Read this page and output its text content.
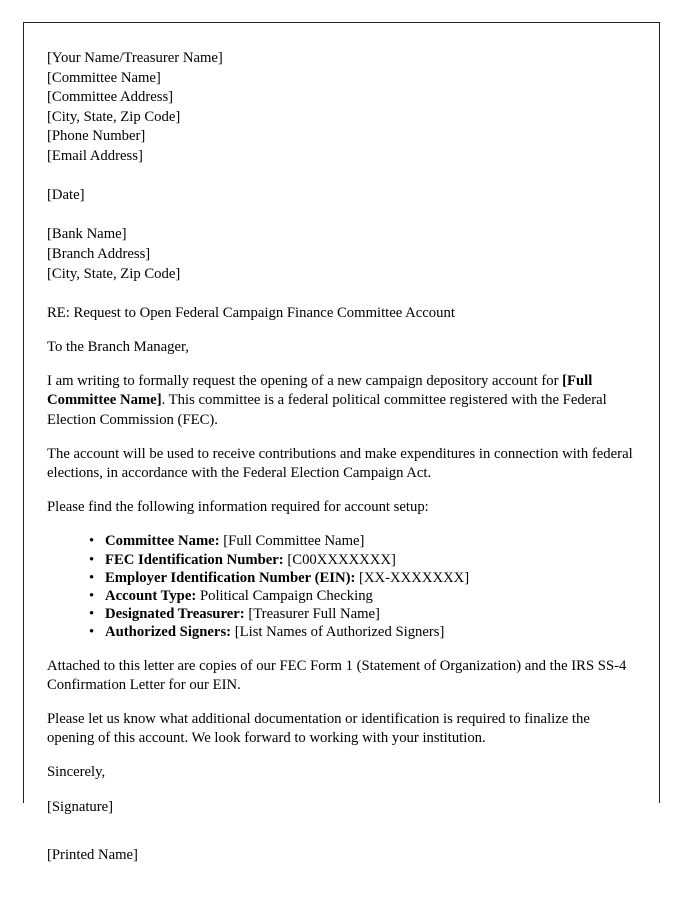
[Your Name/Treasurer Name]
[Committee Name]
[Committee Address]
[City, State, Zip Code]
[Phone Number]
[Email Address]
[Date]
[Bank Name]
[Branch Address]
[City, State, Zip Code]

RE: Request to Open Federal Campaign Finance Committee Account

To the Branch Manager,

I am writing to formally request the opening of a new campaign depository account for [Full Committee Name]. This committee is a federal political committee registered with the Federal Election Commission (FEC).

The account will be used to receive contributions and make expenditures in connection with federal elections, in accordance with the Federal Election Campaign Act.

Please find the following information required for account setup:

• Committee Name: [Full Committee Name]
• FEC Identification Number: [C00XXXXXXX]
• Employer Identification Number (EIN): [XX-XXXXXXX]
• Account Type: Political Campaign Checking
• Designated Treasurer: [Treasurer Full Name]
• Authorized Signers: [List Names of Authorized Signers]

Attached to this letter are copies of our FEC Form 1 (Statement of Organization) and the IRS SS-4 Confirmation Letter for our EIN.

Please let us know what additional documentation or identification is required to finalize the opening of this account. We look forward to working with your institution.

Sincerely,

[Signature]

[Printed Name]
